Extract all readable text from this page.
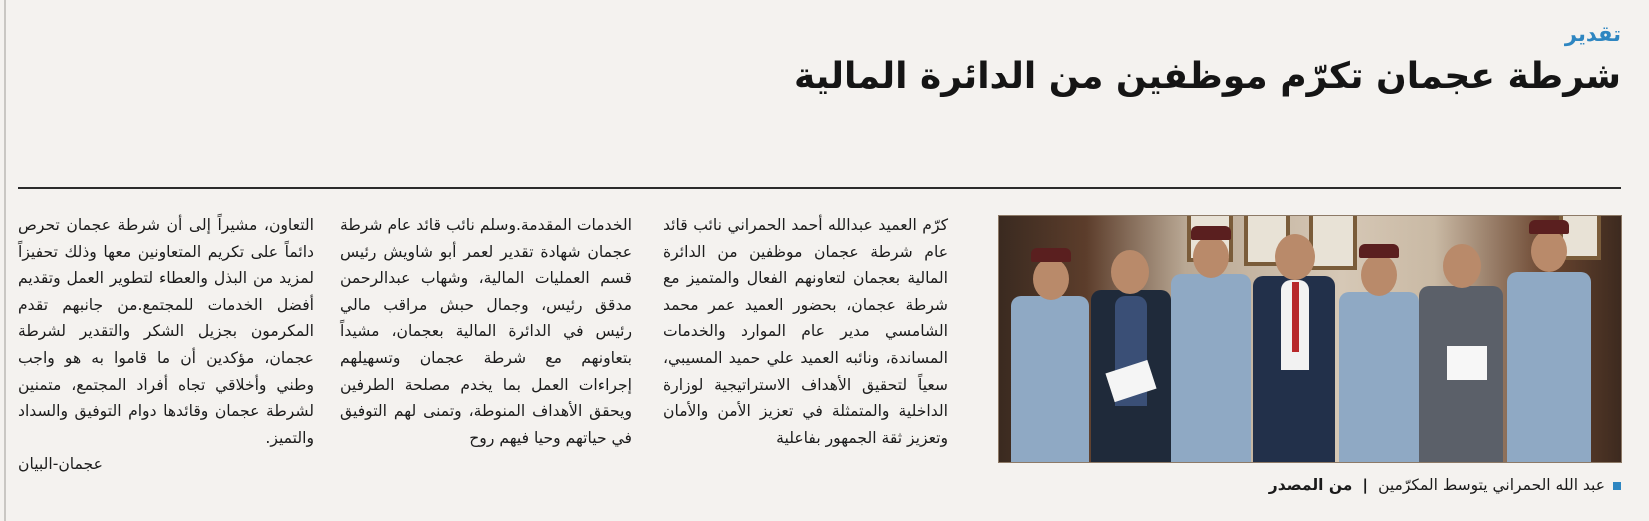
تقدير
شرطة عجمان تكرّم موظفين من الدائرة المالية

كرّم العميد عبدالله أحمد الحمراني نائب قائد عام شرطة عجمان موظفين من الدائرة المالية بعجمان لتعاونهم الفعال والمتميز مع شرطة عجمان، بحضور العميد عمر محمد الشامسي مدير عام الموارد والخدمات المساندة، ونائبه العميد علي حميد المسيبي، سعياً لتحقيق الأهداف الاستراتيجية لوزارة الداخلية والمتمثلة في تعزيز الأمن والأمان وتعزيز ثقة الجمهور بفاعلية

الخدمات المقدمة.وسلم نائب قائد عام شرطة عجمان شهادة تقدير لعمر أبو شاويش رئيس قسم العمليات المالية، وشهاب عبدالرحمن مدقق رئيس، وجمال حبش مراقب مالي رئيس في الدائرة المالية بعجمان، مشيداً بتعاونهم مع شرطة عجمان وتسهيلهم إجراءات العمل بما يخدم مصلحة الطرفين ويحقق الأهداف المنوطة، وتمنى لهم التوفيق في حياتهم وحيا فيهم روح

التعاون، مشيراً إلى أن شرطة عجمان تحرص دائماً على تكريم المتعاونين معها وذلك تحفيزاً لمزيد من البذل والعطاء لتطوير العمل وتقديم أفضل الخدمات للمجتمع.من جانبهم تقدم المكرمون بجزيل الشكر والتقدير لشرطة عجمان، مؤكدين أن ما قاموا به هو واجب وطني وأخلاقي تجاه أفراد المجتمع، متمنين لشرطة عجمان وقائدها دوام التوفيق والسداد والتميز.

عجمان-البيان
عبد الله الحمراني يتوسط المكرّمين|من المصدر
